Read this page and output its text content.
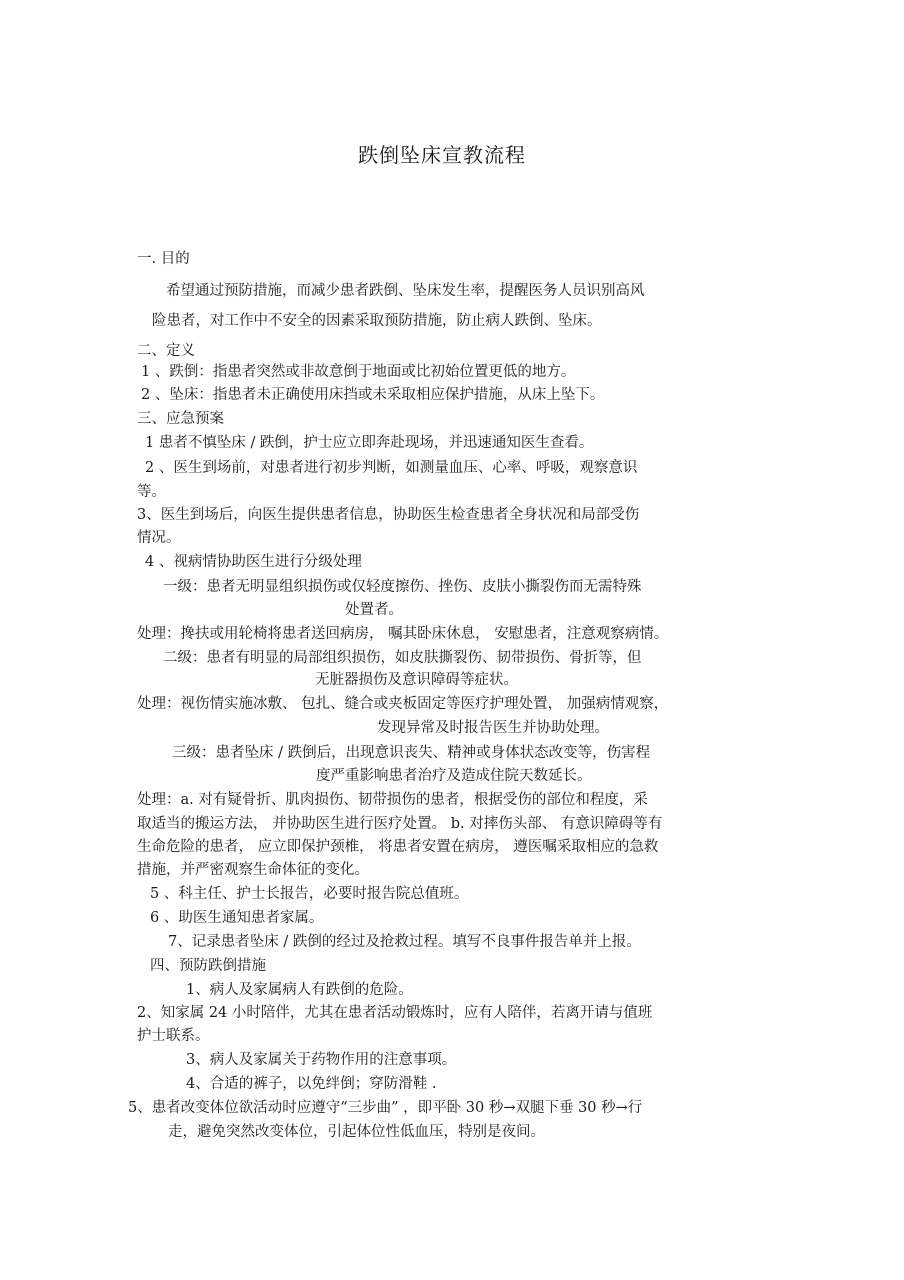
跌倒坠床宣教流程
一. 目的
希望通过预防措施，而减少患者跌倒、坠床发生率，提醒医务人员识别高风
险患者，对工作中不安全的因素采取预防措施，防止病人跌倒、坠床。
二、定义
1 、跌倒：指患者突然或非故意倒于地面或比初始位置更低的地方。
2 、坠床：指患者未正确使用床挡或未采取相应保护措施，从床上坠下。
三、应急预案
1 患者不慎坠床 / 跌倒，护士应立即奔赴现场，并迅速通知医生查看。
2 、医生到场前，对患者进行初步判断，如测量血压、心率、呼吸，观察意识
等。
3、医生到场后，向医生提供患者信息，协助医生检查患者全身状况和局部受伤
情况。
4 、视病情协助医生进行分级处理
一级：患者无明显组织损伤或仅轻度擦伤、挫伤、皮肤小撕裂伤而无需特殊
处置者。
处理：搀扶或用轮椅将患者送回病房， 嘱其卧床休息， 安慰患者，注意观察病情。
二级：患者有明显的局部组织损伤，如皮肤撕裂伤、韧带损伤、骨折等，但
无脏器损伤及意识障碍等症状。
处理：视伤情实施冰敷、 包扎、缝合或夹板固定等医疗护理处置， 加强病情观察，
发现异常及时报告医生并协助处理。
三级：患者坠床 / 跌倒后，出现意识丧失、精神或身体状态改变等，伤害程
度严重影响患者治疗及造成住院天数延长。
处理：a. 对有疑骨折、肌肉损伤、韧带损伤的患者，根据受伤的部位和程度，采
取适当的搬运方法， 并协助医生进行医疗处置。 b. 对摔伤头部、 有意识障碍等有
生命危险的患者， 应立即保护颈椎， 将患者安置在病房， 遵医嘱采取相应的急救
措施，并严密观察生命体征的变化。
5 、科主任、护士长报告，必要时报告院总值班。
6 、助医生通知患者家属。
7、记录患者坠床 / 跌倒的经过及抢救过程。填写不良事件报告单并上报。
四、预防跌倒措施
1、病人及家属病人有跌倒的危险。
2、知家属 24 小时陪伴，尤其在患者活动锻炼时，应有人陪伴，若离开请与值班
护士联系。
3、病人及家属关于药物作用的注意事项。
4、合适的裤子，以免绊倒；穿防滑鞋 .
5、患者改变体位欲活动时应遵守“三步曲” ，即平卧 30 秒→双腿下垂 30 秒→行
走，避免突然改变体位，引起体位性低血压，特别是夜间。
